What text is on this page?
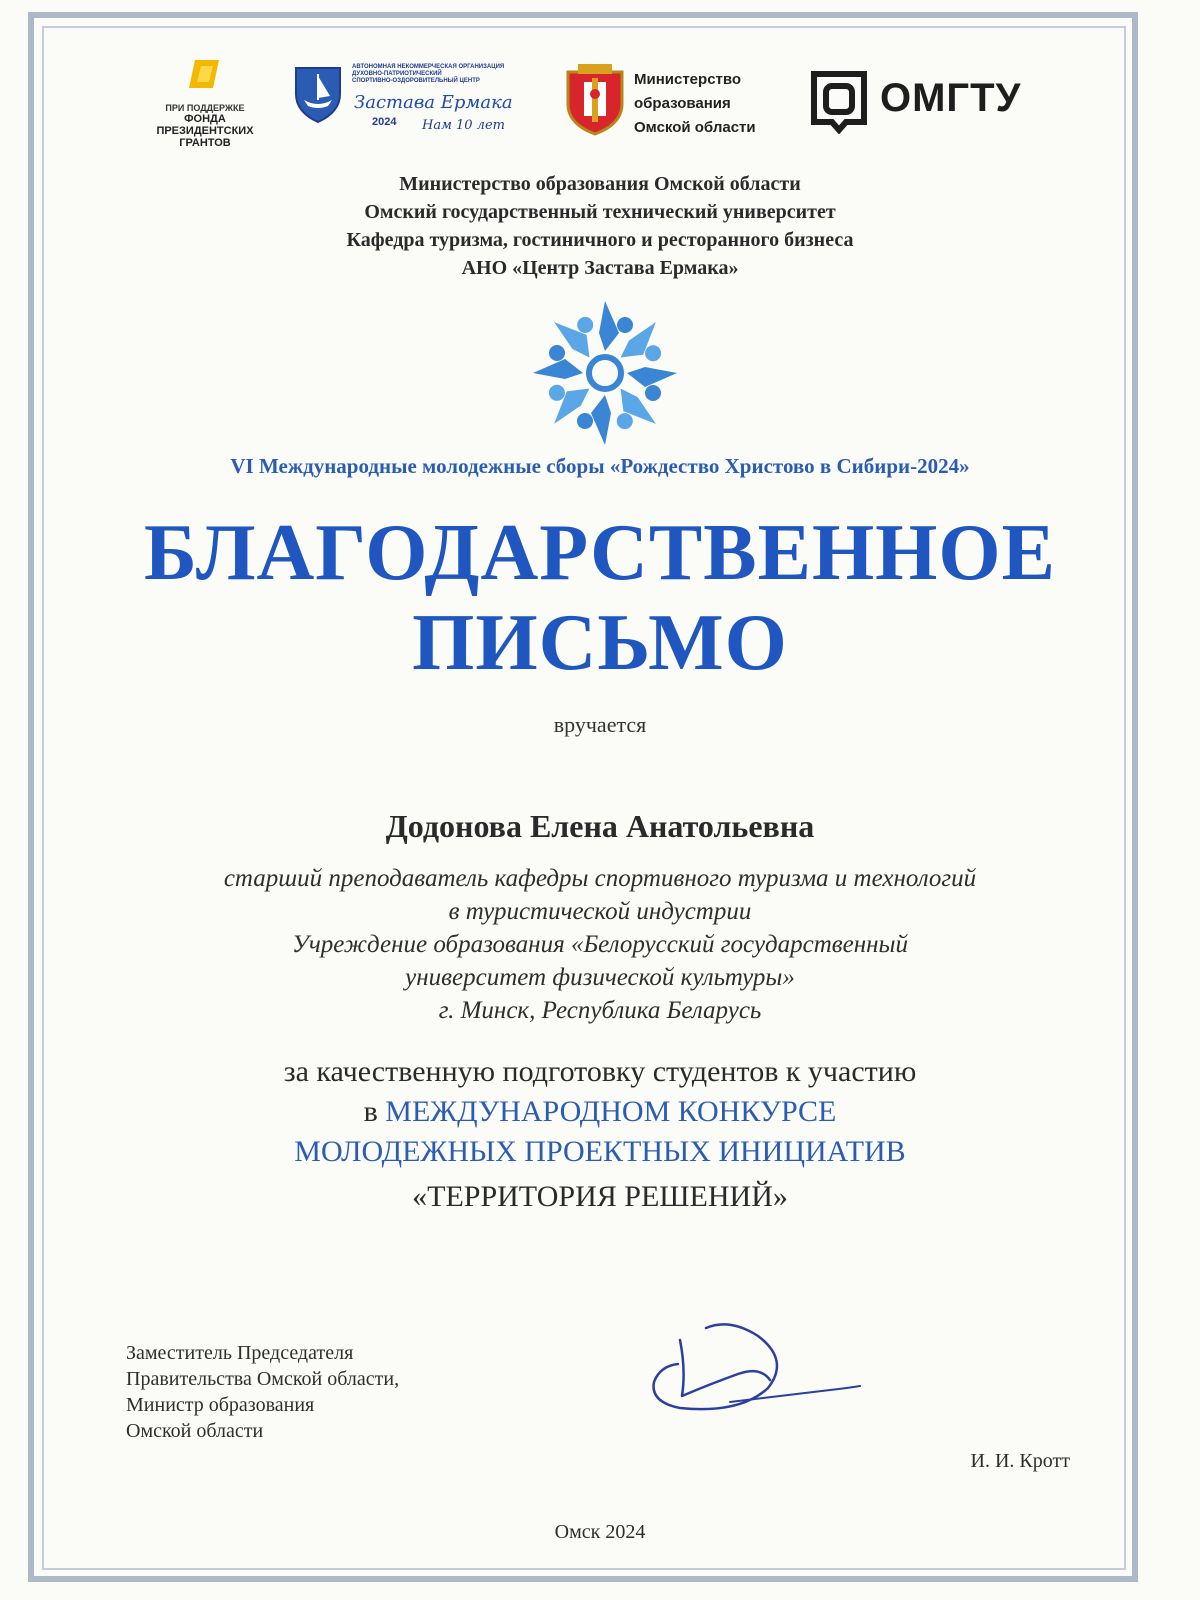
ПРИ ПОДДЕРЖКЕ
ФОНДА
ПРЕЗИДЕНТСКИХ
ГРАНТОВ
АВТОНОМНАЯ НЕКОММЕРЧЕСКАЯ ОРГАНИЗАЦИЯ
ДУХОВНО-ПАТРИОТИЧЕСКИЙ
СПОРТИВНО-ОЗДОРОВИТЕЛЬНЫЙ ЦЕНТР
Застава Ермака
2024 Нам 10 лет
Министерство
образования
Омской области
ОМГТУ
Министерство образования Омской области
Омский государственный технический университет
Кафедра туризма, гостиничного и ресторанного бизнеса
АНО «Центр Застава Ермака»
VI Международные молодежные сборы «Рождество Христово в Сибири-2024»
БЛАГОДАРСТВЕННОЕ
ПИСЬМО
вручается
Додонова Елена Анатольевна
старший преподаватель кафедры спортивного туризма и технологий
в туристической индустрии
Учреждение образования «Белорусский государственный
университет физической культуры»
г. Минск, Республика Беларусь
за качественную подготовку студентов к участию
в МЕЖДУНАРОДНОМ КОНКУРСЕ
МОЛОДЕЖНЫХ ПРОЕКТНЫХ ИНИЦИАТИВ
«ТЕРРИТОРИЯ РЕШЕНИЙ»
Заместитель Председателя
Правительства Омской области,
Министр образования
Омской области
И. И. Кротт
Омск 2024
